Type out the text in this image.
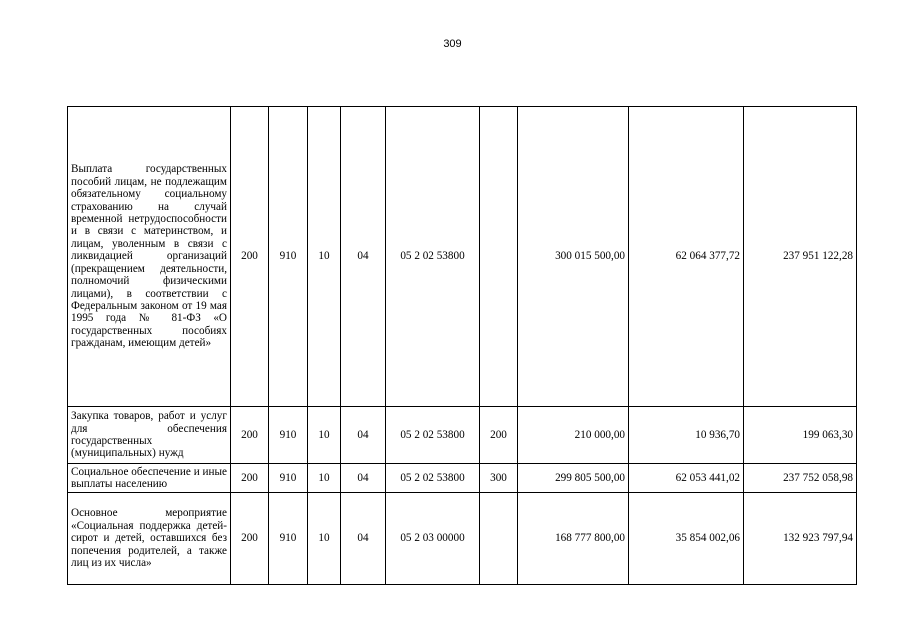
309
Выплата государственных пособий лицам, не подлежащим обязательному социальному страхованию на случай временной нетрудоспособности и в связи с материнством, и лицам, уволенным в связи с ликвидацией организаций (прекращением деятельности, полномочий физическими лицами), в соответствии с Федеральным законом от 19 мая 1995 года № 81-ФЗ «О государственных пособиях гражданам, имеющим детей»	200	910	10	04	05 2 02 53800		300 015 500,00	62 064 377,72	237 951 122,28
Закупка товаров, работ и услуг для обеспечения государственных (муниципальных) нужд	200	910	10	04	05 2 02 53800	200	210 000,00	10 936,70	199 063,30
Социальное обеспечение и иные выплаты населению	200	910	10	04	05 2 02 53800	300	299 805 500,00	62 053 441,02	237 752 058,98
Основное мероприятие «Социальная поддержка детей-сирот и детей, оставшихся без попечения родителей, а также лиц из их числа»	200	910	10	04	05 2 03 00000		168 777 800,00	35 854 002,06	132 923 797,94
